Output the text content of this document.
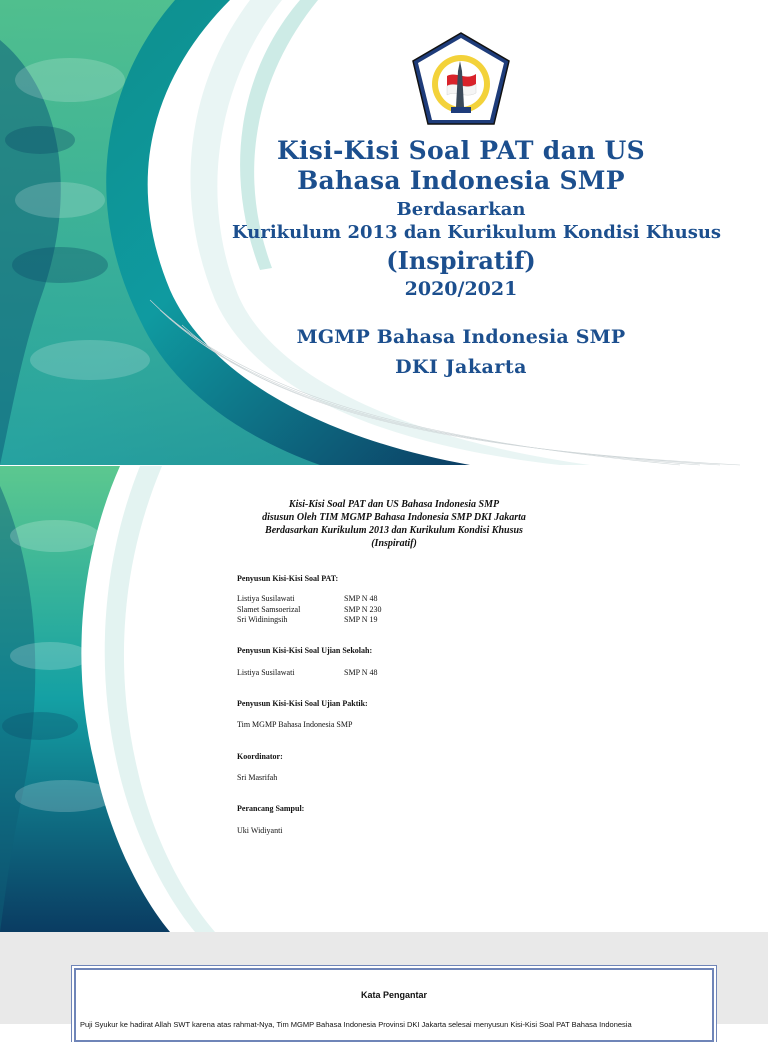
Kisi-Kisi Soal PAT dan US
Bahasa Indonesia SMP
Berdasarkan
Kurikulum 2013 dan Kurikulum Kondisi Khusus
(Inspiratif)
2020/2021
MGMP Bahasa Indonesia SMP
DKI Jakarta
Kisi-Kisi Soal PAT dan US Bahasa Indonesia SMP
disusun Oleh TIM MGMP Bahasa Indonesia SMP DKI Jakarta
Berdasarkan Kurikulum 2013 dan Kurikulum Kondisi Khusus
(Inspiratif)
Penyusun Kisi-Kisi Soal PAT:
Listiya Susilawati	SMP N 48
Slamet Samsoerizal	SMP N 230
Sri Widiningsih	SMP N 19
Penyusun Kisi-Kisi Soal Ujian Sekolah:
Listiya Susilawati	SMP N 48
Penyusun Kisi-Kisi Soal Ujian Paktik:
Tim MGMP Bahasa Indonesia SMP
Koordinator:
Sri Masrifah
Perancang Sampul:
Uki Widiyanti
Kata Pengantar
Puji Syukur ke hadirat Allah SWT karena atas rahmat-Nya, Tim MGMP Bahasa Indonesia Provinsi DKI Jakarta selesai menyusun Kisi-Kisi Soal PAT Bahasa Indonesia
